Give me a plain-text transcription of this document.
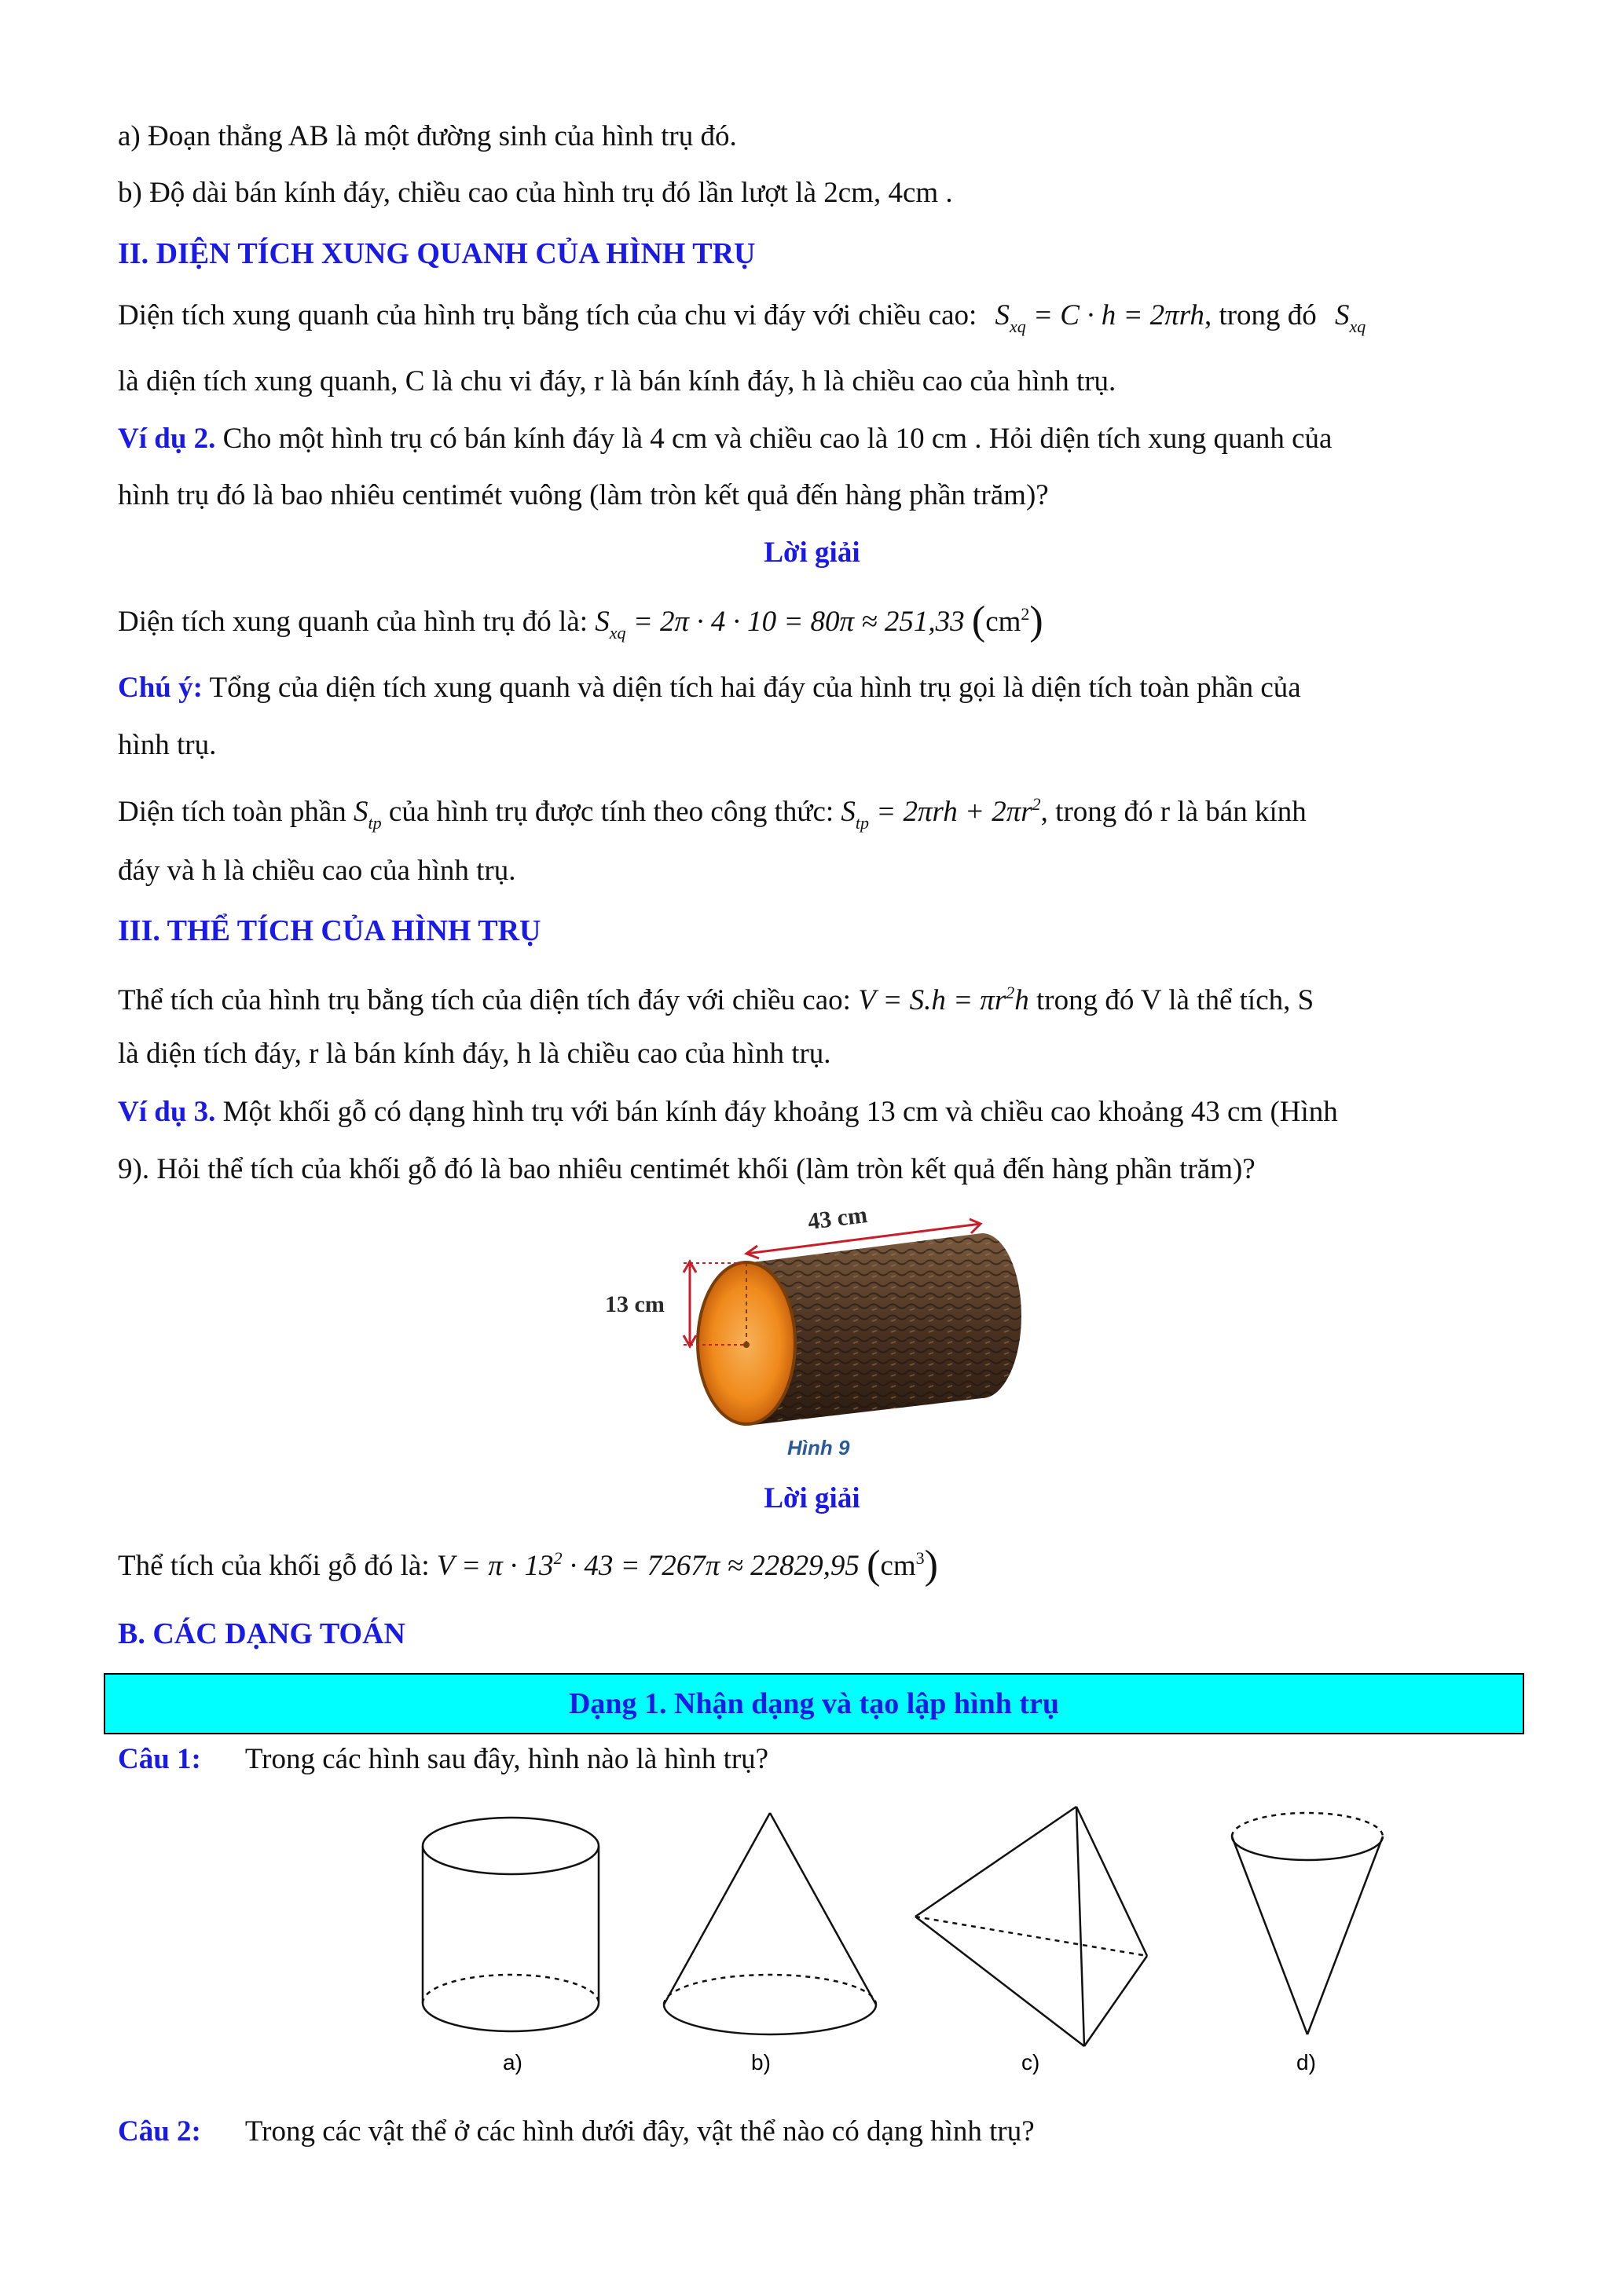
a) Đoạn thẳng AB là một đường sinh của hình trụ đó.
b) Độ dài bán kính đáy, chiều cao của hình trụ đó lần lượt là 2cm, 4cm .
II. DIỆN TÍCH XUNG QUANH CỦA HÌNH TRỤ
Diện tích xung quanh của hình trụ bằng tích của chu vi đáy với chiều cao: $S_{xq} = C \cdot h = 2\pi rh$, trong đó $S_{xq}$
là diện tích xung quanh, C là chu vi đáy, r là bán kính đáy, h là chiều cao của hình trụ.
Ví dụ 2. Cho một hình trụ có bán kính đáy là 4 cm và chiều cao là 10 cm . Hỏi diện tích xung quanh của
hình trụ đó là bao nhiêu centimét vuông (làm tròn kết quả đến hàng phần trăm)?
Lời giải
Diện tích xung quanh của hình trụ đó là: $S_{xq} = 2\pi \cdot 4 \cdot 10 = 80\pi \approx 251,33$ $(cm^2)$
Chú ý: Tổng của diện tích xung quanh và diện tích hai đáy của hình trụ gọi là diện tích toàn phần của
hình trụ.
Diện tích toàn phần $S_{tp}$ của hình trụ được tính theo công thức: $S_{tp} = 2\pi rh + 2\pi r^2$, trong đó r là bán kính
đáy và h là chiều cao của hình trụ.
III. THỂ TÍCH CỦA HÌNH TRỤ
Thể tích của hình trụ bằng tích của diện tích đáy với chiều cao: $V = S.h = \pi r^2h$ trong đó V là thể tích, S
là diện tích đáy, r là bán kính đáy, h là chiều cao của hình trụ.
Ví dụ 3. Một khối gỗ có dạng hình trụ với bán kính đáy khoảng 13 cm và chiều cao khoảng 43 cm (Hình
9). Hỏi thể tích của khối gỗ đó là bao nhiêu centimét khối (làm tròn kết quả đến hàng phần trăm)?
13 cm
43 cm
Hình 9
Lời giải
Thể tích của khối gỗ đó là: $V = \pi \cdot 13^2 \cdot 43 = 7267\pi \approx 22829,95$ $(cm^3)$
B. CÁC DẠNG TOÁN
Dạng 1. Nhận dạng và tạo lập hình trụ
Câu 1: Trong các hình sau đây, hình nào là hình trụ?
a)	b)	c)	d)
Câu 2: Trong các vật thể ở các hình dưới đây, vật thể nào có dạng hình trụ?
